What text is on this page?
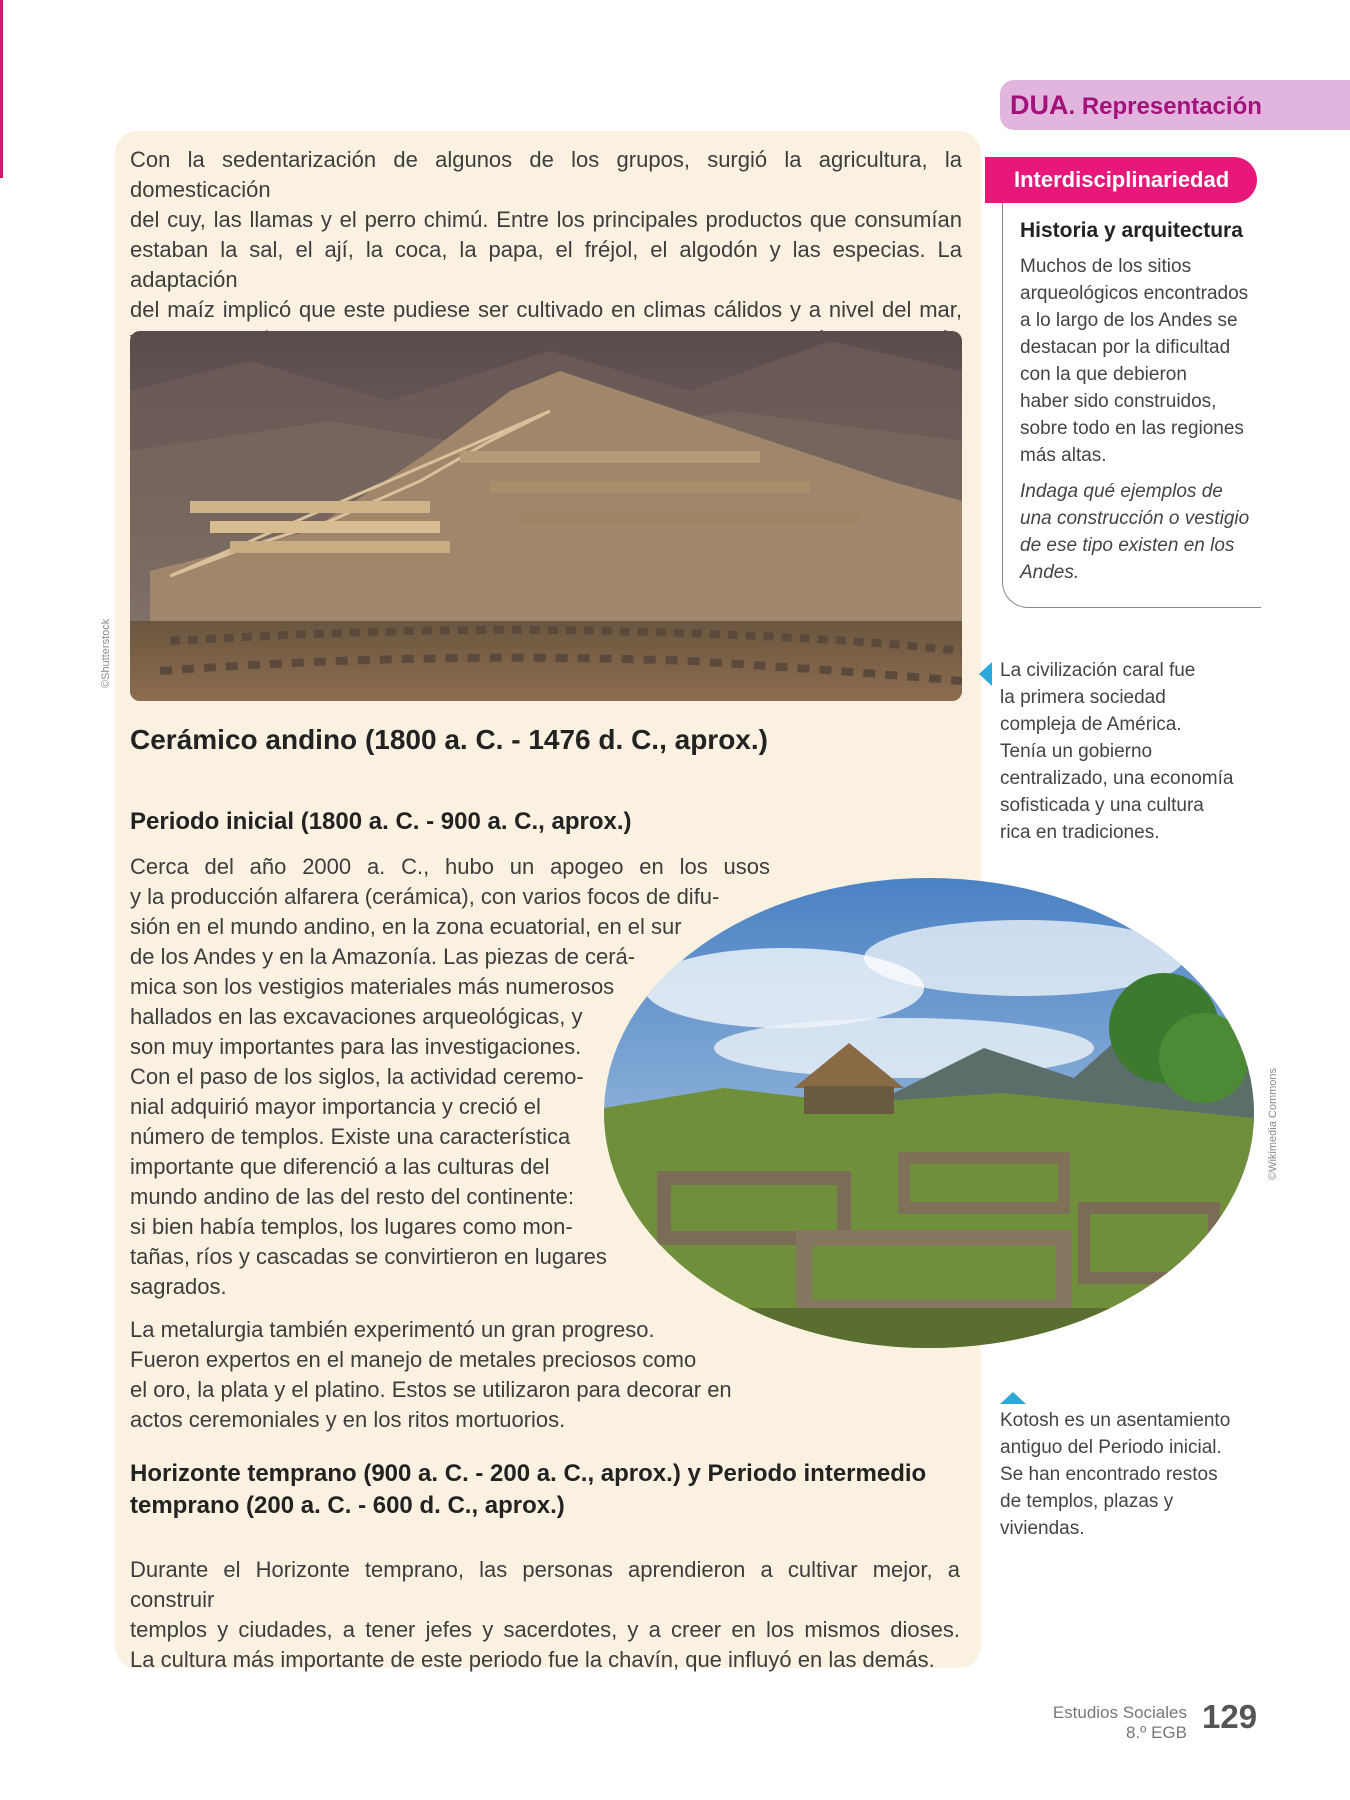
DUA. Representación

Con la sedentarización de algunos de los grupos, surgió la agricultura, la domesticación
del cuy, las llamas y el perro chimú. Entre los principales productos que consumían
estaban la sal, el ají, la coca, la papa, el fréjol, el algodón y las especias. La adaptación
del maíz implicó que este pudiese ser cultivado en climas cálidos y a nivel del mar,

©Shutterstock
Cerámico andino (1800 a. C. - 1476 d. C., aprox.)
Periodo inicial (1800 a. C. - 900 a. C., aprox.)

Cerca del año 2000 a. C., hubo un apogeo en los usos
y la producción alfarera (cerámica), con varios focos de difu-
sión en el mundo andino, en la zona ecuatorial, en el sur
de los Andes y en la Amazonía. Las piezas de cerá-
mica son los vestigios materiales más numerosos
hallados en las excavaciones arqueológicas, y
son muy importantes para las investigaciones.
Con el paso de los siglos, la actividad ceremo-
nial adquirió mayor importancia y creció el
número de templos. Existe una característica
importante que diferenció a las culturas del
mundo andino de las del resto del continente:
si bien había templos, los lugares como mon-
tañas, ríos y cascadas se convirtieron en lugares
sagrados.

La metalurgia también experimentó un gran progreso.
Fueron expertos en el manejo de metales preciosos como
el oro, la plata y el platino. Estos se utilizaron para decorar en
actos ceremoniales y en los ritos mortuorios.

©Wikimedia Commons
Horizonte temprano (900 a. C. - 200 a. C., aprox.) y Periodo intermedio
temprano (200 a. C. - 600 d. C., aprox.)

Durante el Horizonte temprano, las personas aprendieron a cultivar mejor, a construir
templos y ciudades, a tener jefes y sacerdotes, y a creer en los mismos dioses.
La cultura más importante de este periodo fue la chavín, que influyó en las demás.

Interdisciplinariedad
Historia y arquitectura

Muchos de los sitios
arqueológicos encontrados
a lo largo de los Andes se
destacan por la dificultad
con la que debieron
haber sido construidos,
sobre todo en las regiones
más altas.

Indaga qué ejemplos de
una construcción o vestigio
de ese tipo existen en los
Andes.

La civilización caral fue
la primera sociedad
compleja de América.
Tenía un gobierno
centralizado, una economía
sofisticada y una cultura
rica en tradiciones.

Kotosh es un asentamiento
antiguo del Periodo inicial.
Se han encontrado restos
de templos, plazas y
viviendas.

Estudios Sociales
8.º EGB 129
